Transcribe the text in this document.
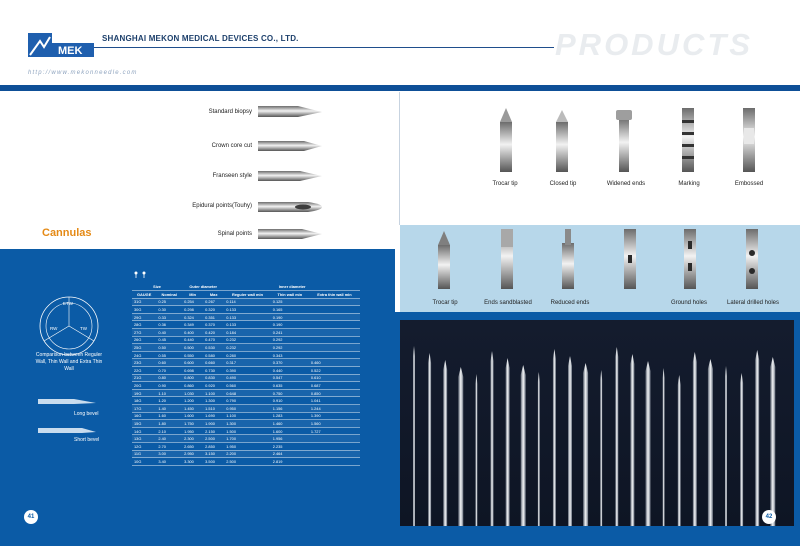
MEK
SHANGHAI MEKON MEDICAL DEVICES CO., LTD.
http://www.mekonneedle.com
PRODUCTS
Standard biopsy
Crown core cut
Franseen style
Epidural points(Touhy)
Spinal points
Cannulas
ETW
RW	TW
Comparison between Reguler Wall, Thin Wall and Extra Thin Wall
Long bevel
Short bevel
Size		Outer diameter		Inner diameter		
GAUGE	Nominal	Min	Max	Reguler wall min	Thin wall min	Extra thin wall min
31G	0.25	0.254	0.267	0.114	0.125	
30G	0.30	0.298	0.320	0.133	0.165	
29G	0.33	0.324	0.351	0.133	0.190	
28G	0.36	0.349	0.370	0.133	0.190	
27G	0.40	0.400	0.420	0.184	0.241	
26G	0.45	0.440	0.470	0.232	0.292	
25G	0.50	0.500	0.530	0.232	0.292	
24G	0.55	0.550	0.580	0.280	0.343	
23G	0.60	0.600	0.660	0.317	0.370	0.460
22G	0.70	0.698	0.730	0.390	0.440	0.522
21G	0.80	0.800	0.830	0.490	0.547	0.610
20G	0.90	0.860	0.920	0.560	0.635	0.687
19G	1.10	1.030	1.100	0.648	0.750	0.850
18G	1.20	1.200	1.300	0.790	0.910	1.041
17G	1.40	1.450	1.510	0.950	1.156	1.244
16G	1.60	1.600	1.690	1.100	1.283	1.390
15G	1.80	1.750	1.900	1.300	1.460	1.560
14G	2.10	1.950	2.150	1.500	1.600	1.727
13G	2.40	2.300	2.500	1.700	1.956	
12G	2.70	2.650	2.850	1.950	2.235	
11G	3.00	2.950	3.150	2.200	2.464	
10G	3.40	3.300	3.500	2.500	2.819	
41
Trocar tip	Closed tip	Widened ends	Marking	Embossed
Trocar tip	Ends sandblasted	Reduced ends	Ground holes	Lateral drilled holes
42
